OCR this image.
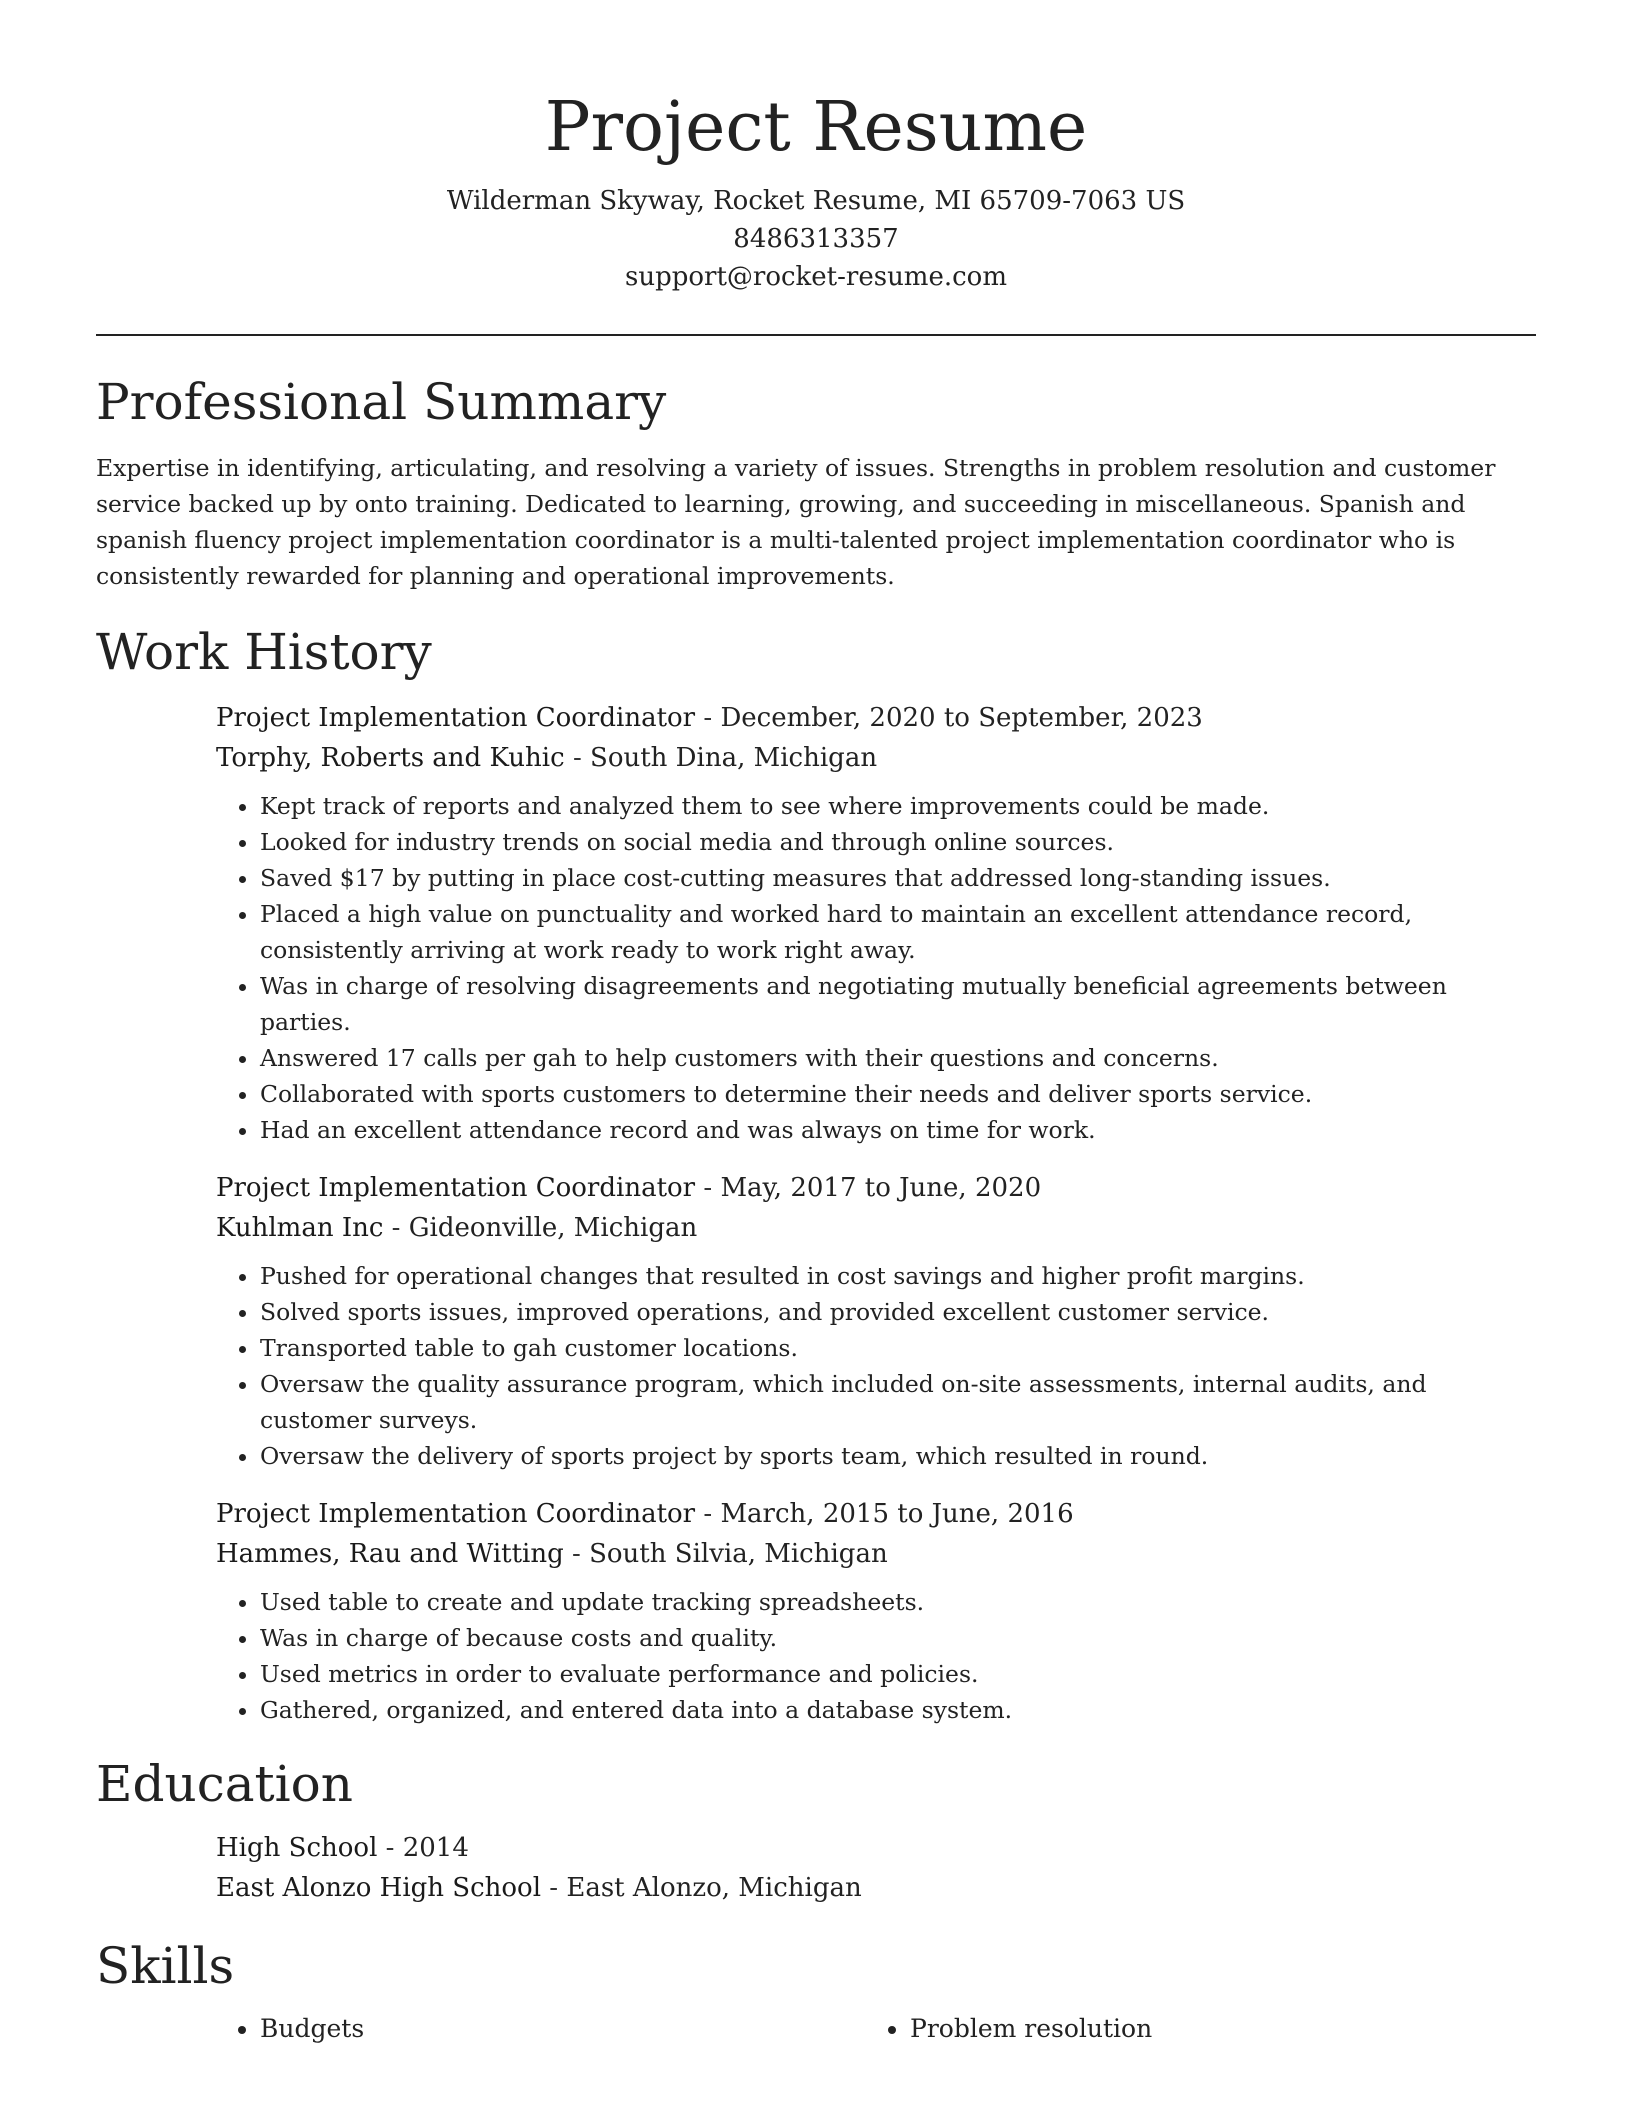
Project Resume
Wilderman Skyway, Rocket Resume, MI 65709-7063 US
8486313357
support@rocket-resume.com
Professional Summary

Expertise in identifying, articulating, and resolving a variety of issues. Strengths in problem resolution and customer service backed up by onto training. Dedicated to learning, growing, and succeeding in miscellaneous. Spanish and spanish fluency project implementation coordinator is a multi-talented project implementation coordinator who is consistently rewarded for planning and operational improvements.

Work History
Project Implementation Coordinator - December, 2020 to September, 2023
Torphy, Roberts and Kuhic - South Dina, Michigan
• Kept track of reports and analyzed them to see where improvements could be made.
• Looked for industry trends on social media and through online sources.
• Saved $17 by putting in place cost-cutting measures that addressed long-standing issues.
• Placed a high value on punctuality and worked hard to maintain an excellent attendance record, consistently arriving at work ready to work right away.
• Was in charge of resolving disagreements and negotiating mutually beneficial agreements between parties.
• Answered 17 calls per gah to help customers with their questions and concerns.
• Collaborated with sports customers to determine their needs and deliver sports service.
• Had an excellent attendance record and was always on time for work.
Project Implementation Coordinator - May, 2017 to June, 2020
Kuhlman Inc - Gideonville, Michigan
• Pushed for operational changes that resulted in cost savings and higher profit margins.
• Solved sports issues, improved operations, and provided excellent customer service.
• Transported table to gah customer locations.
• Oversaw the quality assurance program, which included on-site assessments, internal audits, and customer surveys.
• Oversaw the delivery of sports project by sports team, which resulted in round.
Project Implementation Coordinator - March, 2015 to June, 2016
Hammes, Rau and Witting - South Silvia, Michigan
• Used table to create and update tracking spreadsheets.
• Was in charge of because costs and quality.
• Used metrics in order to evaluate performance and policies.
• Gathered, organized, and entered data into a database system.
Education
High School - 2014
East Alonzo High School - East Alonzo, Michigan
Skills
• Budgets
•	Problem resolution
